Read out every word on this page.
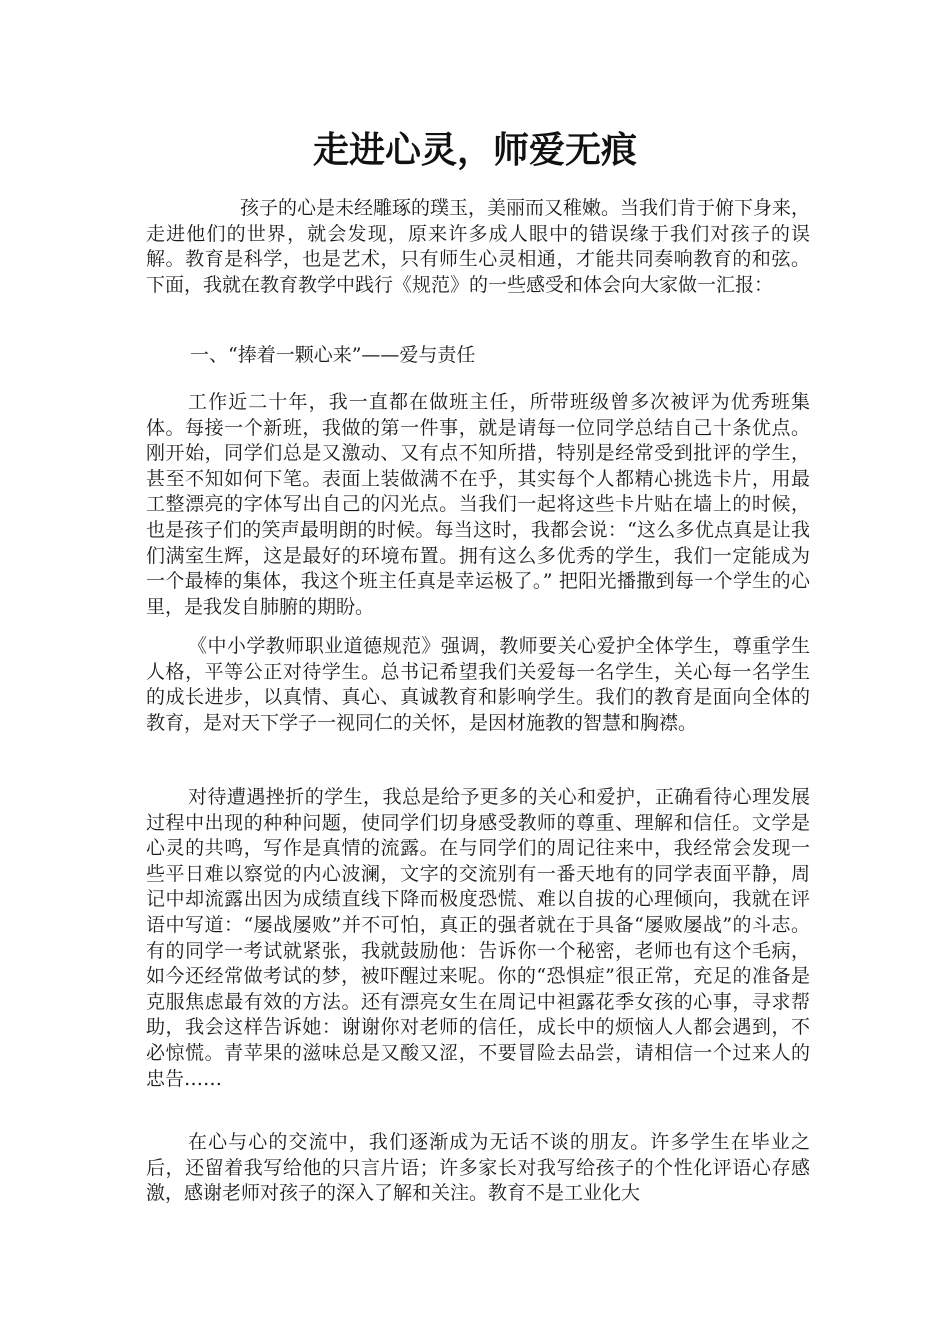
走进心灵，师爱无痕

孩子的心是未经雕琢的璞玉，美丽而又稚嫩。当我们肯于俯下身来，走进他们的世界，就会发现，原来许多成人眼中的错误缘于我们对孩子的误解。教育是科学，也是艺术，只有师生心灵相通，才能共同奏响教育的和弦。下面，我就在教育教学中践行《规范》的一些感受和体会向大家做一汇报：

一、“捧着一颗心来”——爱与责任

工作近二十年，我一直都在做班主任，所带班级曾多次被评为优秀班集体。每接一个新班，我做的第一件事，就是请每一位同学总结自己十条优点。刚开始，同学们总是又激动、又有点不知所措，特别是经常受到批评的学生，甚至不知如何下笔。表面上装做满不在乎，其实每个人都精心挑选卡片，用最工整漂亮的字体写出自己的闪光点。当我们一起将这些卡片贴在墙上的时候，也是孩子们的笑声最明朗的时候。每当这时，我都会说：“这么多优点真是让我们满室生辉，这是最好的环境布置。拥有这么多优秀的学生，我们一定能成为一个最棒的集体，我这个班主任真是幸运极了。” 把阳光播撒到每一个学生的心里，是我发自肺腑的期盼。

《中小学教师职业道德规范》强调，教师要关心爱护全体学生，尊重学生人格，平等公正对待学生。总书记希望我们关爱每一名学生，关心每一名学生的成长进步，以真情、真心、真诚教育和影响学生。我们的教育是面向全体的教育，是对天下学子一视同仁的关怀，是因材施教的智慧和胸襟。

对待遭遇挫折的学生，我总是给予更多的关心和爱护，正确看待心理发展过程中出现的种种问题，使同学们切身感受教师的尊重、理解和信任。文学是心灵的共鸣，写作是真情的流露。在与同学们的周记往来中，我经常会发现一些平日难以察觉的内心波澜，文字的交流别有一番天地有的同学表面平静，周记中却流露出因为成绩直线下降而极度恐慌、难以自拔的心理倾向，我就在评语中写道：“屡战屡败”并不可怕，真正的强者就在于具备“屡败屡战”的斗志。有的同学一考试就紧张，我就鼓励他：告诉你一个秘密，老师也有这个毛病，如今还经常做考试的梦，被吓醒过来呢。你的“恐惧症”很正常，充足的准备是克服焦虑最有效的方法。还有漂亮女生在周记中袒露花季女孩的心事，寻求帮助，我会这样告诉她：谢谢你对老师的信任，成长中的烦恼人人都会遇到，不必惊慌。青苹果的滋味总是又酸又涩，不要冒险去品尝，请相信一个过来人的忠告……

在心与心的交流中，我们逐渐成为无话不谈的朋友。许多学生在毕业之后，还留着我写给他的只言片语；许多家长对我写给孩子的个性化评语心存感激，感谢老师对孩子的深入了解和关注。教育不是工业化大
